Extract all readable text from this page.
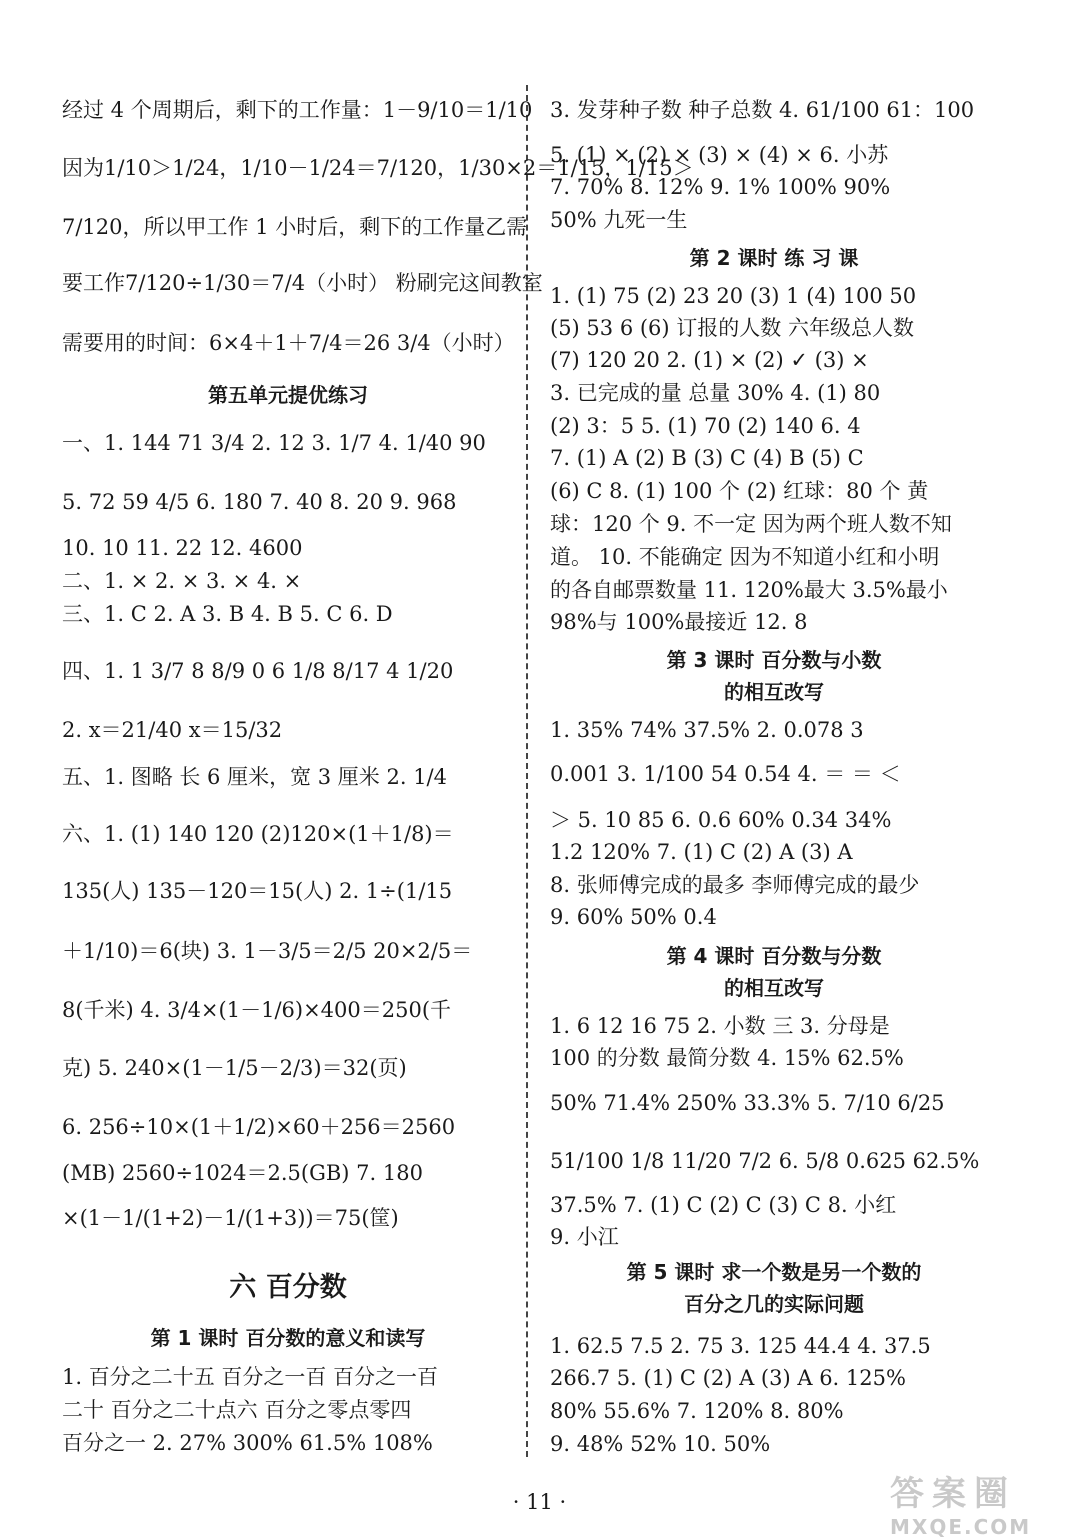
经过 4 个周期后，剩下的工作量：1－9/10＝1/10
因为1/10＞1/24，1/10－1/24＝7/120，1/30×2＝1/15，1/15＞
7/120，所以甲工作 1 小时后，剩下的工作量乙需
要工作7/120÷1/30＝7/4（小时） 粉刷完这间教室
需要用的时间：6×4＋1＋7/4＝26 3/4（小时）
第五单元提优练习
一、1. 144 71 3/4 2. 12 3. 1/7 4. 1/40 90
5. 72 59 4/5 6. 180 7. 40 8. 20 9. 968
10. 10 11. 22 12. 4600
二、1. × 2. × 3. × 4. ×
三、1. C 2. A 3. B 4. B 5. C 6. D
四、1. 1 3/7 8 8/9 0 6 1/8 8/17 4 1/20
2. x＝21/40 x＝15/32
五、1. 图略 长 6 厘米，宽 3 厘米 2. 1/4
六、1. (1) 140 120 (2)120×(1＋1/8)＝
135(人) 135－120＝15(人) 2. 1÷(1/15
＋1/10)＝6(块) 3. 1－3/5＝2/5 20×2/5＝
8(千米) 4. 3/4×(1－1/6)×400＝250(千
克) 5. 240×(1－1/5－2/3)＝32(页)
6. 256÷10×(1＋1/2)×60＋256＝2560
(MB) 2560÷1024＝2.5(GB) 7. 180
×(1－1/(1+2)－1/(1+3))＝75(筐)
六 百分数
第 1 课时 百分数的意义和读写
1. 百分之二十五 百分之一百 百分之一百
二十 百分之二十点六 百分之零点零四
百分之一 2. 27% 300% 61.5% 108%
3. 发芽种子数 种子总数 4. 61/100 61：100
5. (1) × (2) × (3) × (4) × 6. 小苏
7. 70% 8. 12% 9. 1% 100% 90%
50% 九死一生
第 2 课时 练 习 课
1. (1) 75 (2) 23 20 (3) 1 (4) 100 50
(5) 53 6 (6) 订报的人数 六年级总人数
(7) 120 20 2. (1) × (2) ✓ (3) ×
3. 已完成的量 总量 30% 4. (1) 80
(2) 3：5 5. (1) 70 (2) 140 6. 4
7. (1) A (2) B (3) C (4) B (5) C
(6) C 8. (1) 100 个 (2) 红球：80 个 黄
球：120 个 9. 不一定 因为两个班人数不知
道。 10. 不能确定 因为不知道小红和小明
的各自邮票数量 11. 120%最大 3.5%最小
98%与 100%最接近 12. 8
第 3 课时 百分数与小数
的相互改写
1. 35% 74% 37.5% 2. 0.078 3
0.001 3. 1/100 54 0.54 4. ＝ ＝ ＜
＞ 5. 10 85 6. 0.6 60% 0.34 34%
1.2 120% 7. (1) C (2) A (3) A
8. 张师傅完成的最多 李师傅完成的最少
9. 60% 50% 0.4
第 4 课时 百分数与分数
的相互改写
1. 6 12 16 75 2. 小数 三 3. 分母是
100 的分数 最简分数 4. 15% 62.5%
50% 71.4% 250% 33.3% 5. 7/10 6/25
51/100 1/8 11/20 7/2 6. 5/8 0.625 62.5%
37.5% 7. (1) C (2) C (3) C 8. 小红
9. 小江
第 5 课时 求一个数是另一个数的
百分之几的实际问题
1. 62.5 7.5 2. 75 3. 125 44.4 4. 37.5
266.7 5. (1) C (2) A (3) A 6. 125%
80% 55.6% 7. 120% 8. 80%
9. 48% 52% 10. 50%
· 11 ·	答案圈
MXQE.COM
